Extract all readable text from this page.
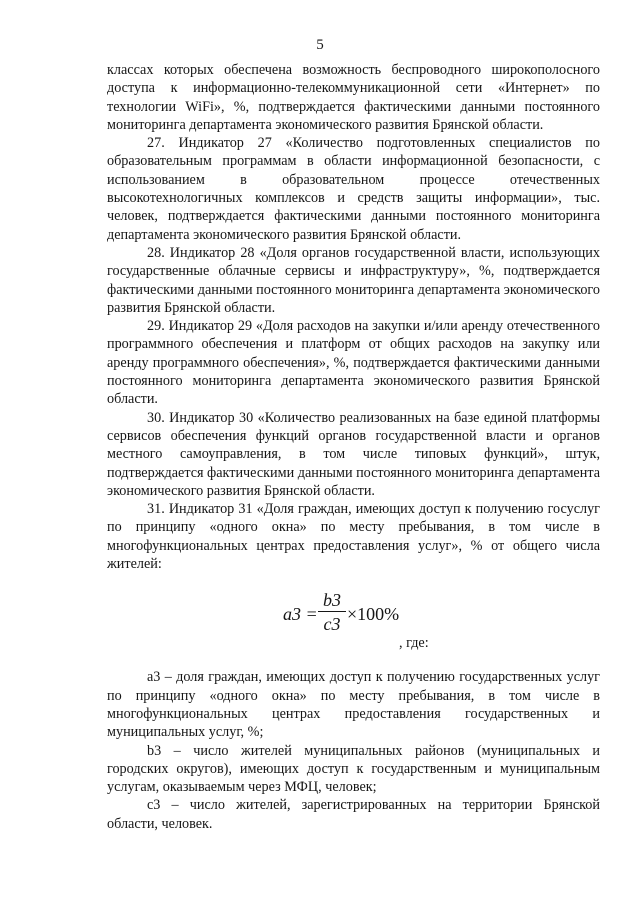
5

классах которых обеспечена возможность беспроводного широкополосного доступа к информационно-телекоммуникационной сети «Интернет» по технологии WiFi», %, подтверждается фактическими данными постоянного мониторинга департамента экономического развития Брянской области.

27. Индикатор 27 «Количество подготовленных специалистов по образовательным программам в области информационной безопасности, с использованием в образовательном процессе отечественных высокотехнологичных комплексов и средств защиты информации», тыс. человек, подтверждается фактическими данными постоянного мониторинга департамента экономического развития Брянской области.

28. Индикатор 28 «Доля органов государственной власти, использующих государственные облачные сервисы и инфраструктуру», %, подтверждается фактическими данными постоянного мониторинга департамента экономического развития Брянской области.

29. Индикатор 29 «Доля расходов на закупки и/или аренду отечественного программного обеспечения и платформ от общих расходов на закупку или аренду программного обеспечения», %, подтверждается фактическими данными постоянного мониторинга департамента экономического развития Брянской области.

30. Индикатор 30 «Количество реализованных на базе единой платформы сервисов обеспечения функций органов государственной власти и органов местного самоуправления, в том числе типовых функций», штук, подтверждается фактическими данными постоянного мониторинга департамента экономического развития Брянской области.

31. Индикатор 31 «Доля граждан, имеющих доступ к получению госуслуг по принципу «одного окна» по месту пребывания, в том числе в многофункциональных центрах предоставления услуг», % от общего числа жителей:

a3 =
b3
c3 ×100%
, где:

а3 – доля граждан, имеющих доступ к получению государственных услуг по принципу «одного окна» по месту пребывания, в том числе в многофункциональных центрах предоставления государственных и муниципальных услуг, %;

b3 – число жителей муниципальных районов (муниципальных и городских округов), имеющих доступ к государственным и муниципальным услугам, оказываемым через МФЦ, человек;

с3 – число жителей, зарегистрированных на территории Брянской области, человек.
